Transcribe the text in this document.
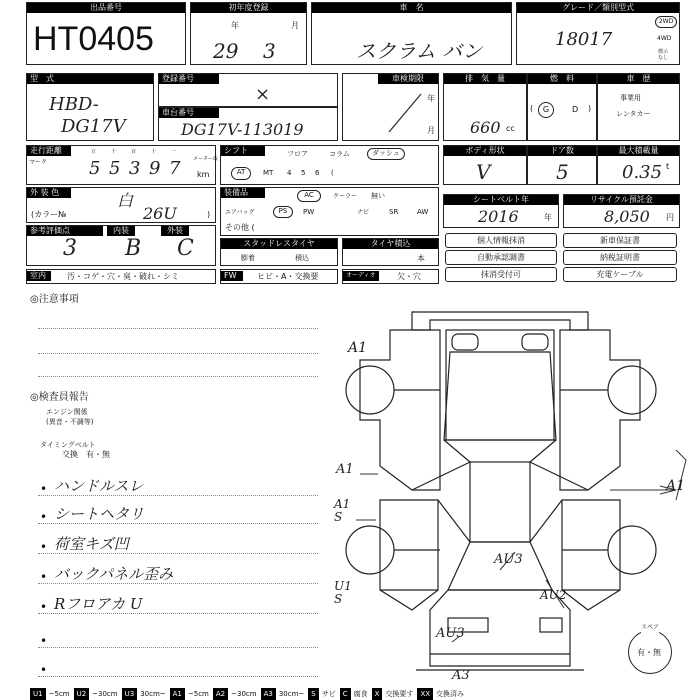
出品番号
HT0405
初年度登録
年	月
29 3
車　名
スクラム バン
グレード／類別型式
18017
2WD
4WD
標示
なし
型　式
HBD-
DG17V
登録番号
×
車台番号
DG17V-113019
車検期限
年
月
排　気　量
660 cc
燃　料
G	D
(	)
車　歴
事業用
レンタカー
走行距離
マーク
万	千	百	十	一
5 5 3 9 7	メーター改
km
シフト	フロア	コラム	ダッシュ
AT	MT 4 5 6 (
ボディ形状
V
ドア数
5
最大積載量
0.35 t
外 装 色	白
(カラー№	26U	)
装備品	AC	クーラー 無い
エアバッグ	PS	PW	ナビ	SR	AW
その他 (
シートベルト年
2016	年
リサイクル預託金
8,050 円
参考評価点	内装	外装
3 B C	スタッドレスタイヤ
膨着	積込
タイヤ積込
本
個人情報抹消	新車保証書
自動承認調書	納税証明書
抹消受付可	充電ケーブル
室内	汚・コゲ・穴・臭・破れ・シミ	FW	ヒビ・A・交換要	オーディオ	欠・穴
◎注意事項
◎検査員報告
エンジン関係
(異音・不調等)
タイミングベルト
交換　有・無
• ハンドルスレ
• シートヘタリ
• 荷室キズ凹
• バックパネル歪み
• Rフロアカ U
•
•
A1
A1
A1
S
A1
U1
S
AU3
AU2
AU3
A3
スペア
有・無
U1 ~5cm U2 ~30cm U3 30cm~ A1 ~5cm A2 ~30cm A3 30cm~ S サビ C 腐食 X 交換要す XX 交換済み
